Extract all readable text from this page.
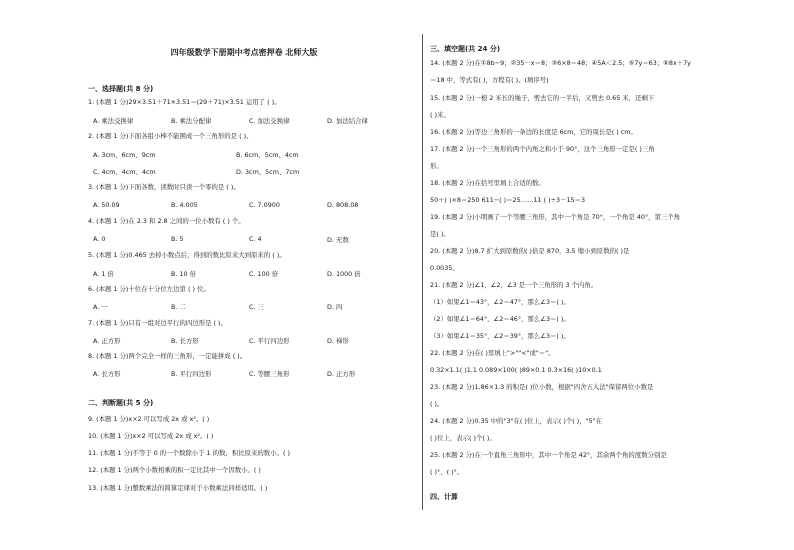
四年级数学下册期中考点密押卷 北师大版
一、选择题(共 8 分)
1. (本题 1 分)29×3.51＋71×3.51＝(29＋71)×3.51 运用了 ( )。
A. 乘法交换律	B. 乘法分配律	C. 加法交换律	D. 加法结合律
2. (本题 1 分)下面各组小棒不能围成一个三角形的是 ( )。
A. 3cm、6cm、9cm	B. 6cm、5cm、4cm
C. 4cm、4cm、4cm	D. 3cm、5cm、7cm
3. (本题 1 分)下面各数，读数时只读一个零的是 ( )。
A. 50.09	B. 4.005	C. 7.0900	D. 808.08
4. (本题 1 分)在 2.3 和 2.8 之间的一位小数有 ( ) 个。
A. 0	B. 5	C. 4	D. 无数
5. (本题 1 分)0.465 去掉小数点后，得到的数比原来大到原来的 ( )。
A. 1 倍	B. 10 倍	C. 100 倍	D. 1000 倍
6. (本题 1 分)十位在十分位左边第 ( ) 位。
A. 一	B. 二	C. 三	D. 四
7. (本题 1 分)只有一组对边平行的四边形是 ( )。
A. 正方形	B. 长方形	C. 平行四边形	D. 梯形
8. (本题 1 分)两个完全一样的三角形，一定能拼成 ( )。
A. 长方形	B. 平行四边形	C. 等腰三角形	D. 正方形
二、判断题(共 5 分)
9. (本题 1 分)x×2 可以写成 2x 或 x²。( )
10. (本题 1 分)x×2 可以写成 2x 或 x²。( )
11. (本题 1 分)不等于 0 的一个数除小于 1 的数，积比原来的数小。( )
12. (本题 1 分)两个小数相乘的积一定比其中一个因数小。( )
13. (本题 1 分)整数乘法的简算定律对于小数乘法同样适用。( )
三、填空题(共 24 分)
14. (本题 2 分)在①8b−9；②35－x＝8；③6×8＝48；④5A＜2.5；⑤7y＝63；⑥8x＋7y
＝18 中，等式有( )，方程有( )。(填序号)
15. (本题 2 分)一根 2 米长的绳子，剪去它的一半后，又剪去 0.65 米，还剩下
( )米。
16. (本题 2 分)等边三角形的一条边的长度是 6cm，它的周长是( ) cm。
17. (本题 2 分)一个三角形的两个内角之和小于 90°，这个三角形一定是( )三角
形。
18. (本题 2 分)在括号里填上合适的数。
50＋( )×8＝250 611−( )＝25……11 ( )÷3－15＝3
19. (本题 2 分)小明画了一个等腰三角形，其中一个角是 70°，一个角是 40°，第三个角
是( )。
20. (本题 2 分)8.7 扩大到原数的( )倍是 870，3.5 缩小到原数的( )是
0.0035。
21. (本题 2 分)∠1，∠2，∠3 是一个三角形的 3 个内角。
（1）如果∠1＝43°，∠2＝47°，那么∠3＝( )。
（2）如果∠1＝64°，∠2＝46°，那么∠3＝( )。
（3）如果∠1＝35°，∠2＝39°，那么∠3＝( )。
22. (本题 2 分)在( )里填上">""<"或"＝"。
0.32×1.1( )1.1 0.089×100( )89×0.1 0.3×16( )10×0.1
23. (本题 2 分)1.86×1.3 的积是( )位小数，根据"四舍五入法"保留两位小数是
( )。
24. (本题 2 分)0.35 中的"3"在( )位上，表示( )个( )，"5"在
( )位上，表示( )个( )。
25. (本题 2 分)在一个直角三角形中，其中一个角是 42°，其余两个角的度数分别是
( )°、( )°。
四、计算
